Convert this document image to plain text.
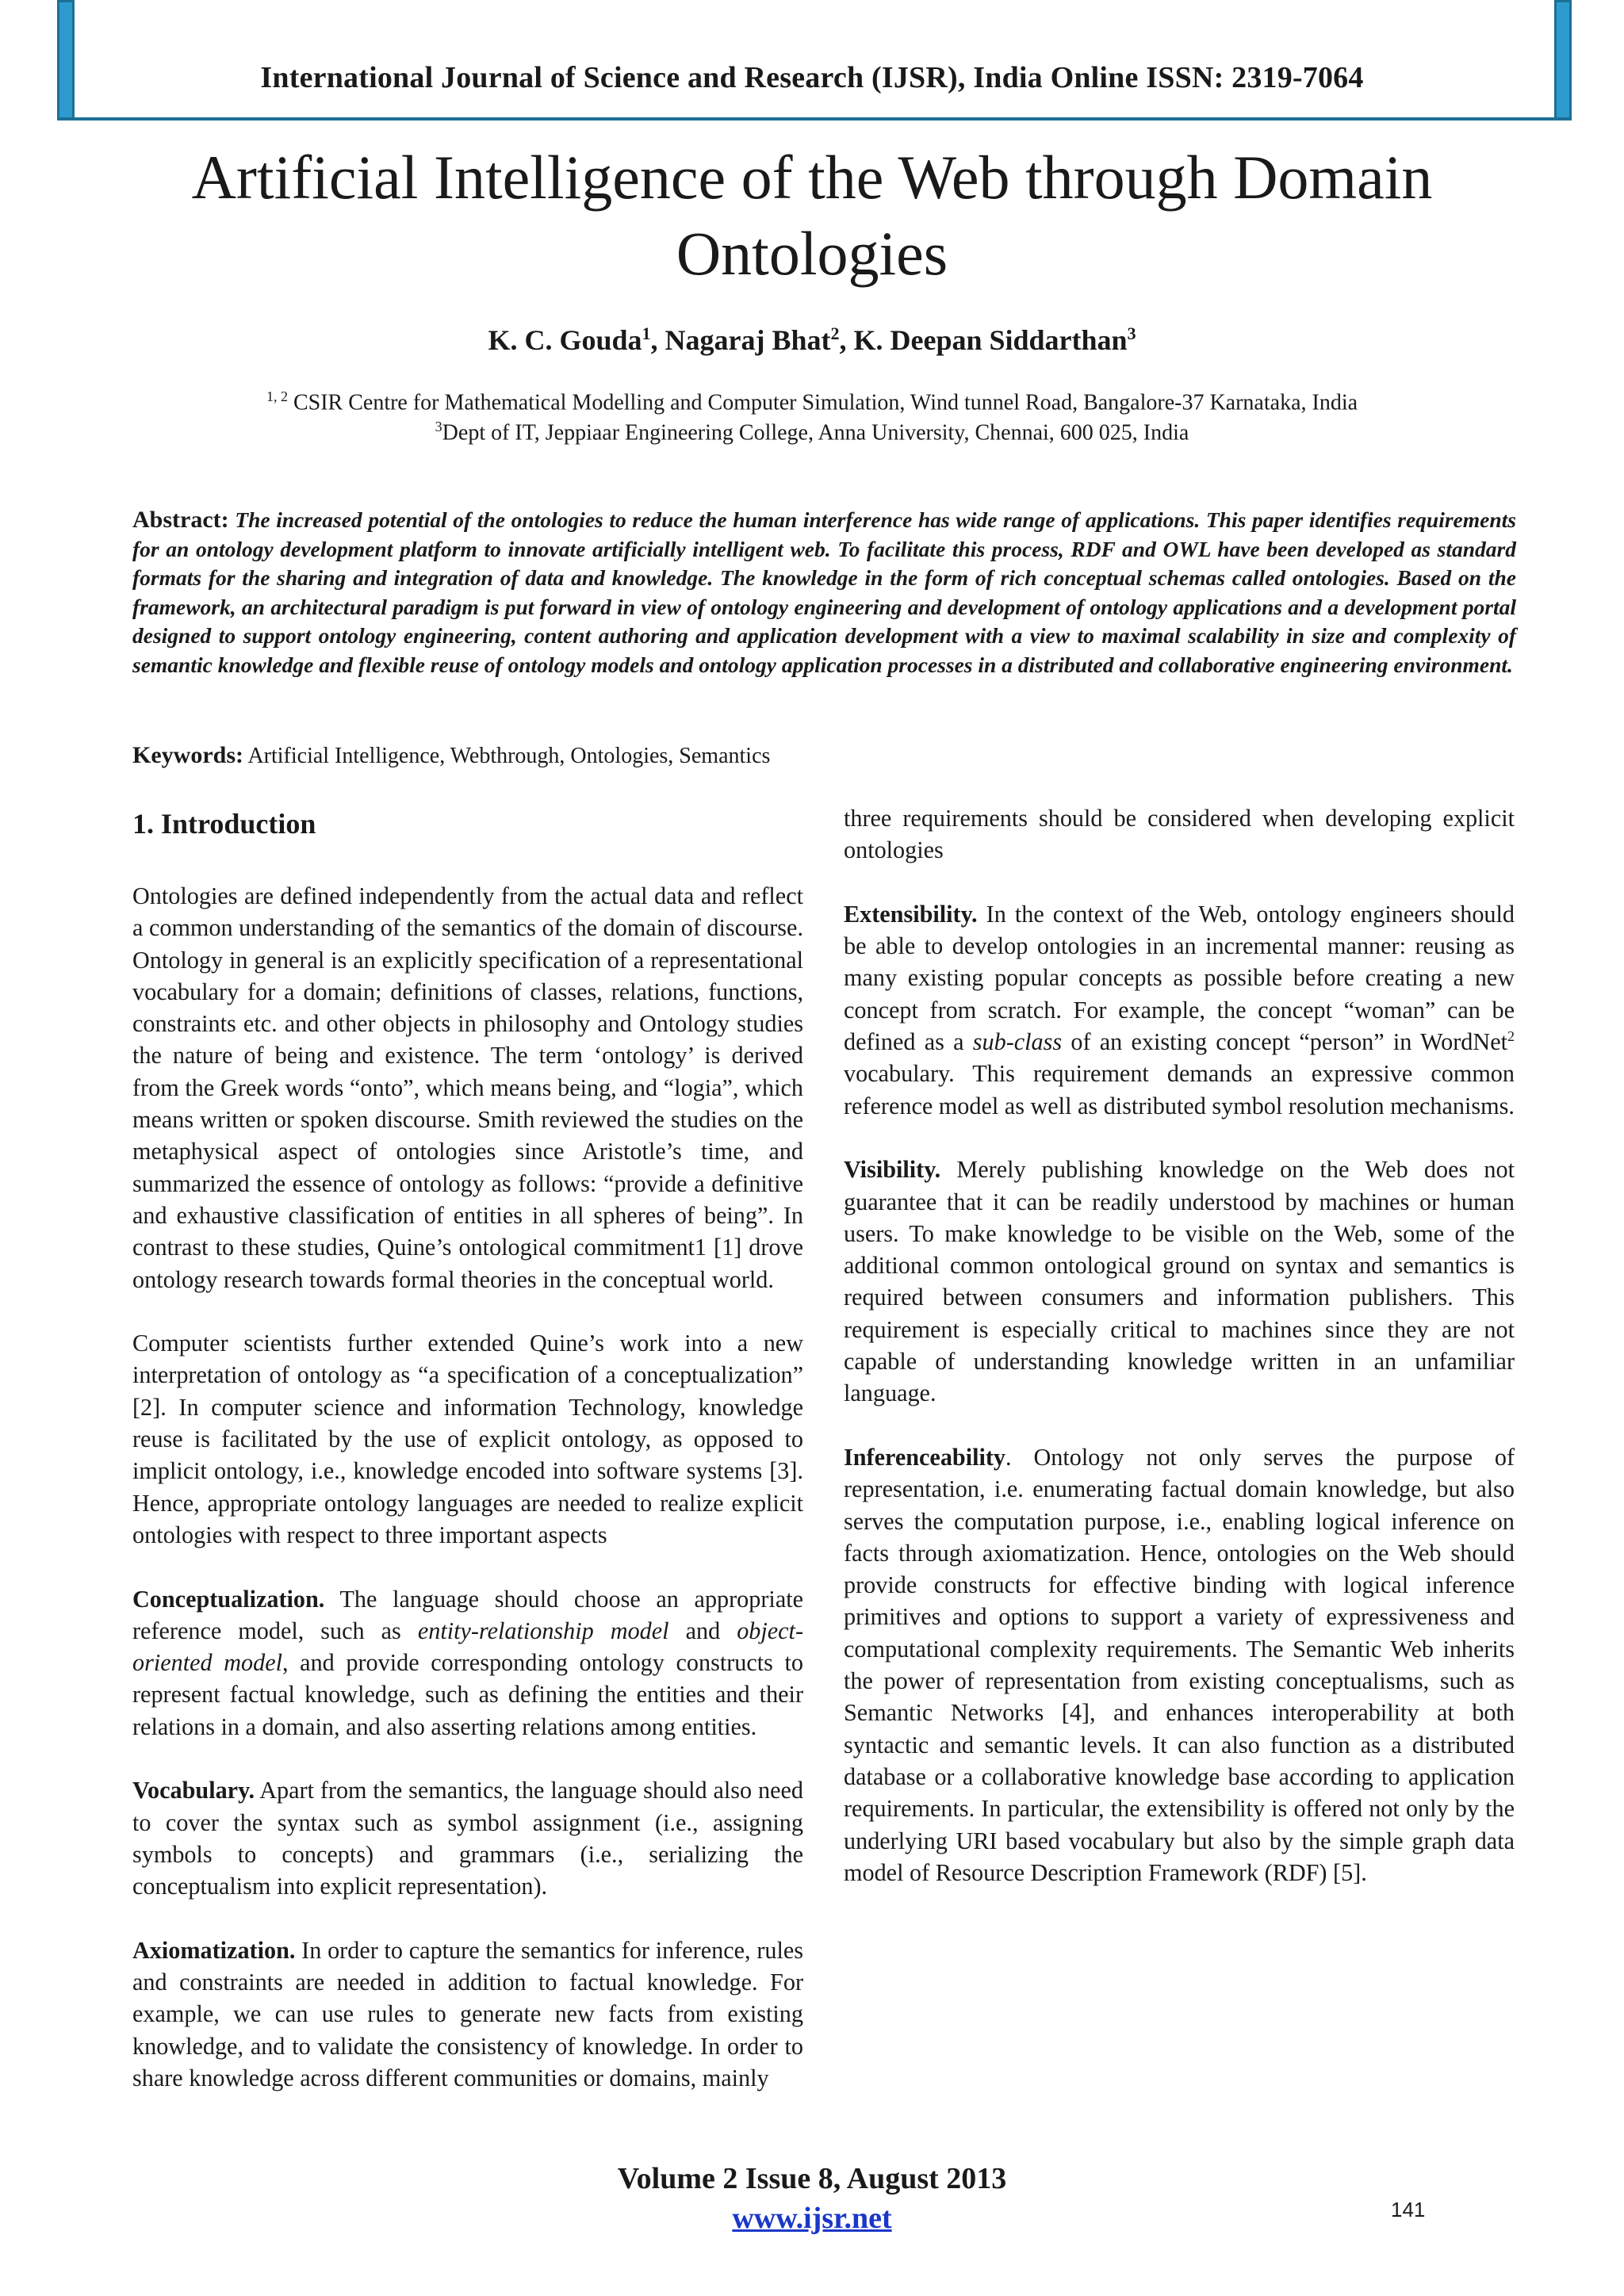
International Journal of Science and Research (IJSR), India Online ISSN: 2319-7064
Artificial Intelligence of the Web through Domain
Ontologies
K. C. Gouda$^1$, Nagaraj Bhat$^2$, K. Deepan Siddarthan$^3$
$^{1, 2}$ CSIR Centre for Mathematical Modelling and Computer Simulation, Wind tunnel Road, Bangalore-37 Karnataka, India
$^3$Dept of IT, Jeppiaar Engineering College, Anna University, Chennai, 600 025, India
Abstract: The increased potential of the ontologies to reduce the human interference has wide range of applications. This paper identifies requirements for an ontology development platform to innovate artificially intelligent web. To facilitate this process, RDF and OWL have been developed as standard formats for the sharing and integration of data and knowledge. The knowledge in the form of rich conceptual schemas called ontologies. Based on the framework, an architectural paradigm is put forward in view of ontology engineering and development of ontology applications and a development portal designed to support ontology engineering, content authoring and application development with a view to maximal scalability in size and complexity of semantic knowledge and flexible reuse of ontology models and ontology application processes in a distributed and collaborative engineering environment.
Keywords: Artificial Intelligence, Webthrough, Ontologies, Semantics
1. Introduction

Ontologies are defined independently from the actual data and reflect a common understanding of the semantics of the domain of discourse. Ontology in general is an explicitly specification of a representational vocabulary for a domain; definitions of classes, relations, functions, constraints etc. and other objects in philosophy and Ontology studies the nature of being and existence. The term ‘ontology’ is derived from the Greek words “onto”, which means being, and “logia”, which means written or spoken discourse. Smith reviewed the studies on the metaphysical aspect of ontologies since Aristotle’s time, and summarized the essence of ontology as follows: “provide a definitive and exhaustive classification of entities in all spheres of being”. In contrast to these studies, Quine’s ontological commitment1 [1] drove ontology research towards formal theories in the conceptual world.

Computer scientists further extended Quine’s work into a new interpretation of ontology as “a specification of a conceptualization” [2]. In computer science and information Technology, knowledge reuse is facilitated by the use of explicit ontology, as opposed to implicit ontology, i.e., knowledge encoded into software systems [3]. Hence, appropriate ontology languages are needed to realize explicit ontologies with respect to three important aspects

Conceptualization. The language should choose an appropriate reference model, such as entity-relationship model and object-oriented model, and provide corresponding ontology constructs to represent factual knowledge, such as defining the entities and their relations in a domain, and also asserting relations among entities.

Vocabulary. Apart from the semantics, the language should also need to cover the syntax such as symbol assignment (i.e., assigning symbols to concepts) and grammars (i.e., serializing the conceptualism into explicit representation).

Axiomatization. In order to capture the semantics for inference, rules and constraints are needed in addition to factual knowledge. For example, we can use rules to generate new facts from existing knowledge, and to validate the consistency of knowledge. In order to share knowledge across different communities or domains, mainly

three requirements should be considered when developing explicit ontologies

Extensibility. In the context of the Web, ontology engineers should be able to develop ontologies in an incremental manner: reusing as many existing popular concepts as possible before creating a new concept from scratch. For example, the concept “woman” can be defined as a sub-class of an existing concept “person” in WordNet$^2$ vocabulary. This requirement demands an expressive common reference model as well as distributed symbol resolution mechanisms.

Visibility. Merely publishing knowledge on the Web does not guarantee that it can be readily understood by machines or human users. To make knowledge to be visible on the Web, some of the additional common ontological ground on syntax and semantics is required between consumers and information publishers. This requirement is especially critical to machines since they are not capable of understanding knowledge written in an unfamiliar language.

Inferenceability. Ontology not only serves the purpose of representation, i.e. enumerating factual domain knowledge, but also serves the computation purpose, i.e., enabling logical inference on facts through axiomatization. Hence, ontologies on the Web should provide constructs for effective binding with logical inference primitives and options to support a variety of expressiveness and computational complexity requirements. The Semantic Web inherits the power of representation from existing conceptualisms, such as Semantic Networks [4], and enhances interoperability at both syntactic and semantic levels. It can also function as a distributed database or a collaborative knowledge base according to application requirements. In particular, the extensibility is offered not only by the underlying URI based vocabulary but also by the simple graph data model of Resource Description Framework (RDF) [5].

Volume 2 Issue 8, August 2013
www.ijsr.net	141
